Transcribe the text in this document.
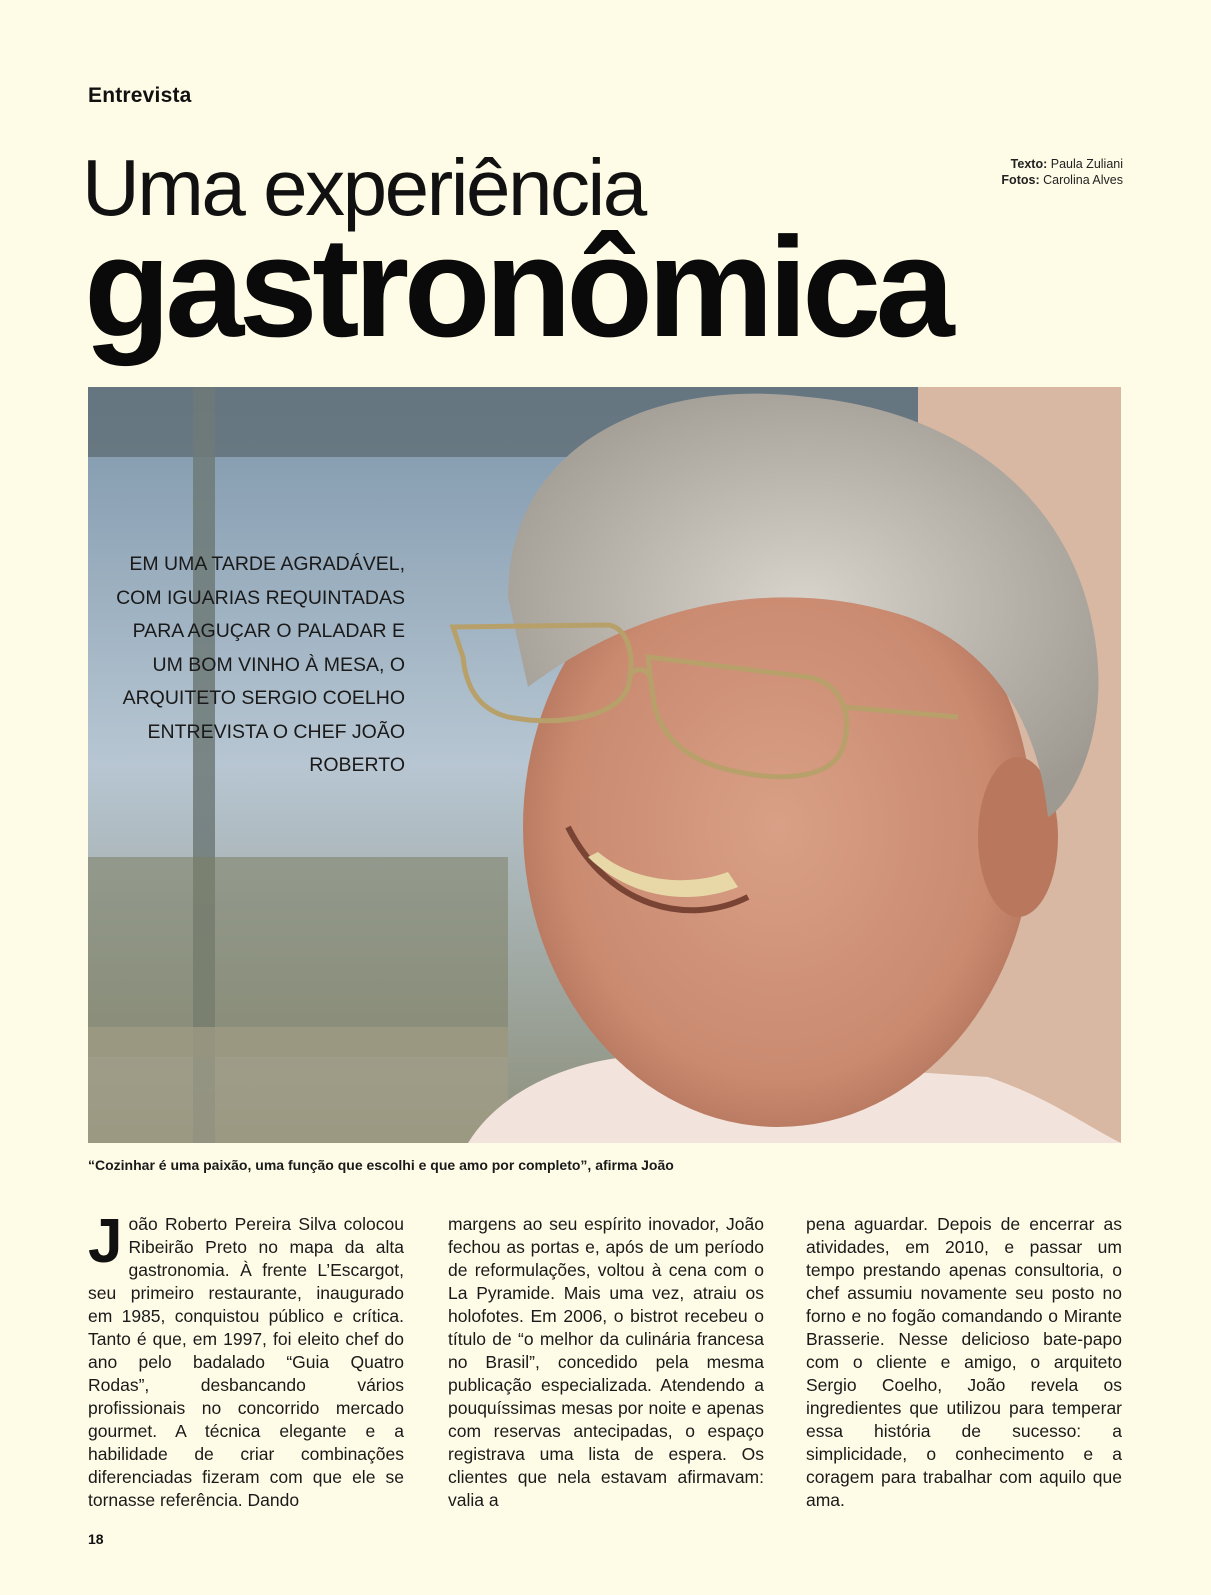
Entrevista
Texto: Paula Zuliani
Fotos: Carolina Alves
Uma experiência
gastronômica
EM UMA TARDE AGRADÁVEL, COM IGUARIAS REQUINTADAS PARA AGUÇAR O PALADAR E UM BOM VINHO À MESA, O ARQUITETO SERGIO COELHO ENTREVISTA O CHEF JOÃO ROBERTO
“Cozinhar é uma paixão, uma função que escolhi e que amo por completo”, afirma João
João Roberto Pereira Silva colocou Ribeirão Preto no mapa da alta gastronomia. À frente L’Escargot, seu primeiro restaurante, inaugurado em 1985, conquistou público e crítica. Tanto é que, em 1997, foi eleito chef do ano pelo badalado “Guia Quatro Rodas”, desbancando vários profissionais no concorrido mercado gourmet. A técnica elegante e a habilidade de criar combinações diferenciadas fizeram com que ele se tornasse referência. Dando
margens ao seu espírito inovador, João fechou as portas e, após de um período de reformulações, voltou à cena com o La Pyramide. Mais uma vez, atraiu os holofotes. Em 2006, o bistrot recebeu o título de “o melhor da culinária francesa no Brasil”, concedido pela mesma publicação especializada. Atendendo a pouquíssimas mesas por noite e apenas com reservas antecipadas, o espaço registrava uma lista de espera. Os clientes que nela estavam afirmavam: valia a
pena aguardar. Depois de encerrar as atividades, em 2010, e passar um tempo prestando apenas consultoria, o chef assumiu novamente seu posto no forno e no fogão comandando o Mirante Brasserie. Nesse delicioso bate-papo com o cliente e amigo, o arquiteto Sergio Coelho, João revela os ingredientes que utilizou para temperar essa história de sucesso: a simplicidade, o conhecimento e a coragem para trabalhar com aquilo que ama.
18
